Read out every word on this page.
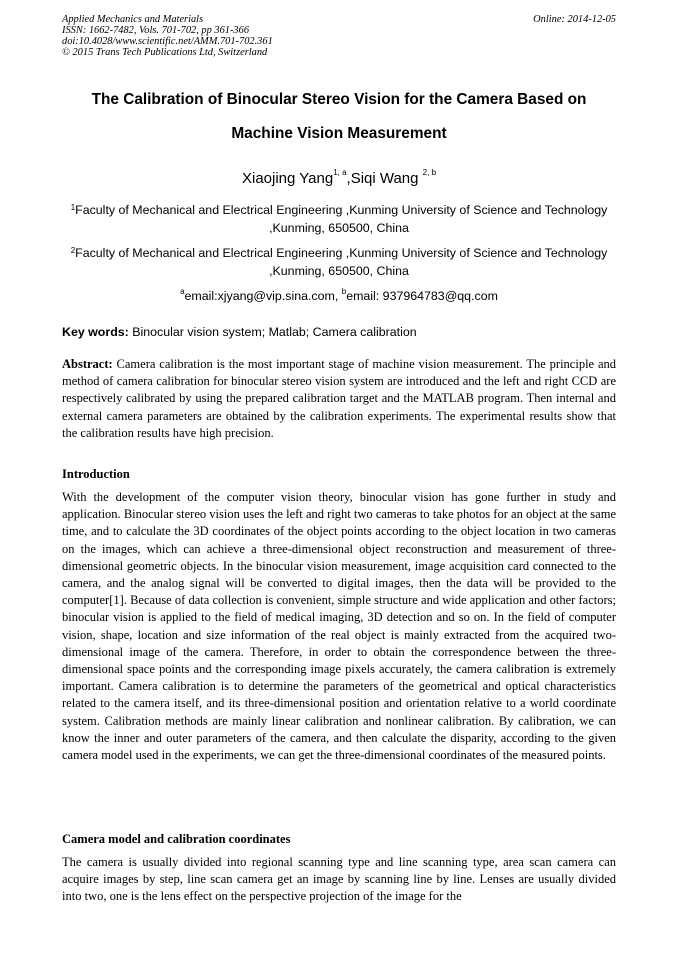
Applied Mechanics and Materials
ISSN: 1662-7482, Vols. 701-702, pp 361-366
doi:10.4028/www.scientific.net/AMM.701-702.361
© 2015 Trans Tech Publications Ltd, Switzerland
Online: 2014-12-05
The Calibration of Binocular Stereo Vision for the Camera Based on
Machine Vision Measurement
Xiaojing Yang$^{1, a}$,Siqi Wang $^{2, b}$
$^1$Faculty of Mechanical and Electrical Engineering ,Kunming University of Science and Technology
,Kunming, 650500, China
$^2$Faculty of Mechanical and Electrical Engineering ,Kunming University of Science and Technology
,Kunming, 650500, China
$^a$email:xjyang@vip.sina.com, $^b$email: 937964783@qq.com
Key words: Binocular vision system; Matlab; Camera calibration
Abstract: Camera calibration is the most important stage of machine vision measurement. The principle and method of camera calibration for binocular stereo vision system are introduced and the left and right CCD are respectively calibrated by using the prepared calibration target and the MATLAB program. Then internal and external camera parameters are obtained by the calibration experiments. The experimental results show that the calibration results have high precision.
Introduction
With the development of the computer vision theory, binocular vision has gone further in study and application. Binocular stereo vision uses the left and right two cameras to take photos for an object at the same time, and to calculate the 3D coordinates of the object points according to the object location in two cameras on the images, which can achieve a three-dimensional object reconstruction and measurement of three-dimensional geometric objects. In the binocular vision measurement, image acquisition card connected to the camera, and the analog signal will be converted to digital images, then the data will be provided to the computer[1]. Because of data collection is convenient, simple structure and wide application and other factors; binocular vision is applied to the field of medical imaging, 3D detection and so on. In the field of computer vision, shape, location and size information of the real object is mainly extracted from the acquired two-dimensional image of the camera. Therefore, in order to obtain the correspondence between the three-dimensional space points and the corresponding image pixels accurately, the camera calibration is extremely important. Camera calibration is to determine the parameters of the geometrical and optical characteristics related to the camera itself, and its three-dimensional position and orientation relative to a world coordinate system. Calibration methods are mainly linear calibration and nonlinear calibration. By calibration, we can know the inner and outer parameters of the camera, and then calculate the disparity, according to the given camera model used in the experiments, we can get the three-dimensional coordinates of the measured points.
Camera model and calibration coordinates
The camera is usually divided into regional scanning type and line scanning type, area scan camera can acquire images by step, line scan camera get an image by scanning line by line. Lenses are usually divided into two, one is the lens effect on the perspective projection of the image for the
